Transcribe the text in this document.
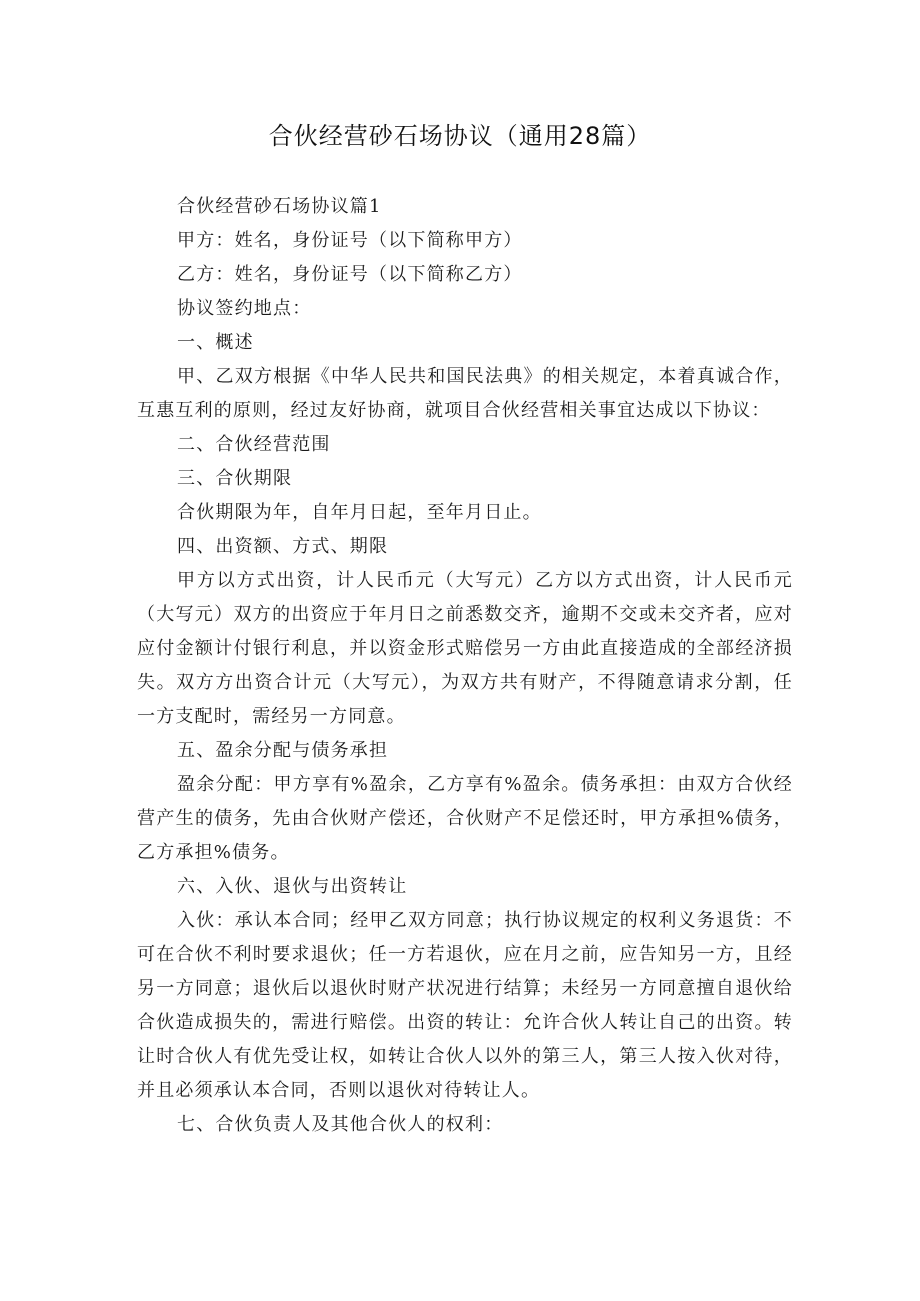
合伙经营砂石场协议（通用28篇）

合伙经营砂石场协议篇1

甲方：姓名，身份证号（以下简称甲方）

乙方：姓名，身份证号（以下简称乙方）

协议签约地点：

一、概述

甲、乙双方根据《中华人民共和国民法典》的相关规定，本着真诚合作，互惠互利的原则，经过友好协商，就项目合伙经营相关事宜达成以下协议：

二、合伙经营范围

三、合伙期限

合伙期限为年，自年月日起，至年月日止。

四、出资额、方式、期限

甲方以方式出资，计人民币元（大写元）乙方以方式出资，计人民币元（大写元）双方的出资应于年月日之前悉数交齐，逾期不交或未交齐者，应对应付金额计付银行利息，并以资金形式赔偿另一方由此直接造成的全部经济损失。双方方出资合计元（大写元），为双方共有财产，不得随意请求分割，任一方支配时，需经另一方同意。

五、盈余分配与债务承担

盈余分配：甲方享有%盈余，乙方享有%盈余。债务承担：由双方合伙经营产生的债务，先由合伙财产偿还，合伙财产不足偿还时，甲方承担%债务，乙方承担%债务。

六、入伙、退伙与出资转让

入伙：承认本合同；经甲乙双方同意；执行协议规定的权利义务退货：不可在合伙不利时要求退伙；任一方若退伙，应在月之前，应告知另一方，且经另一方同意；退伙后以退伙时财产状况进行结算；未经另一方同意擅自退伙给合伙造成损失的，需进行赔偿。出资的转让：允许合伙人转让自己的出资。转让时合伙人有优先受让权，如转让合伙人以外的第三人，第三人按入伙对待，并且必须承认本合同，否则以退伙对待转让人。

七、合伙负责人及其他合伙人的权利：
